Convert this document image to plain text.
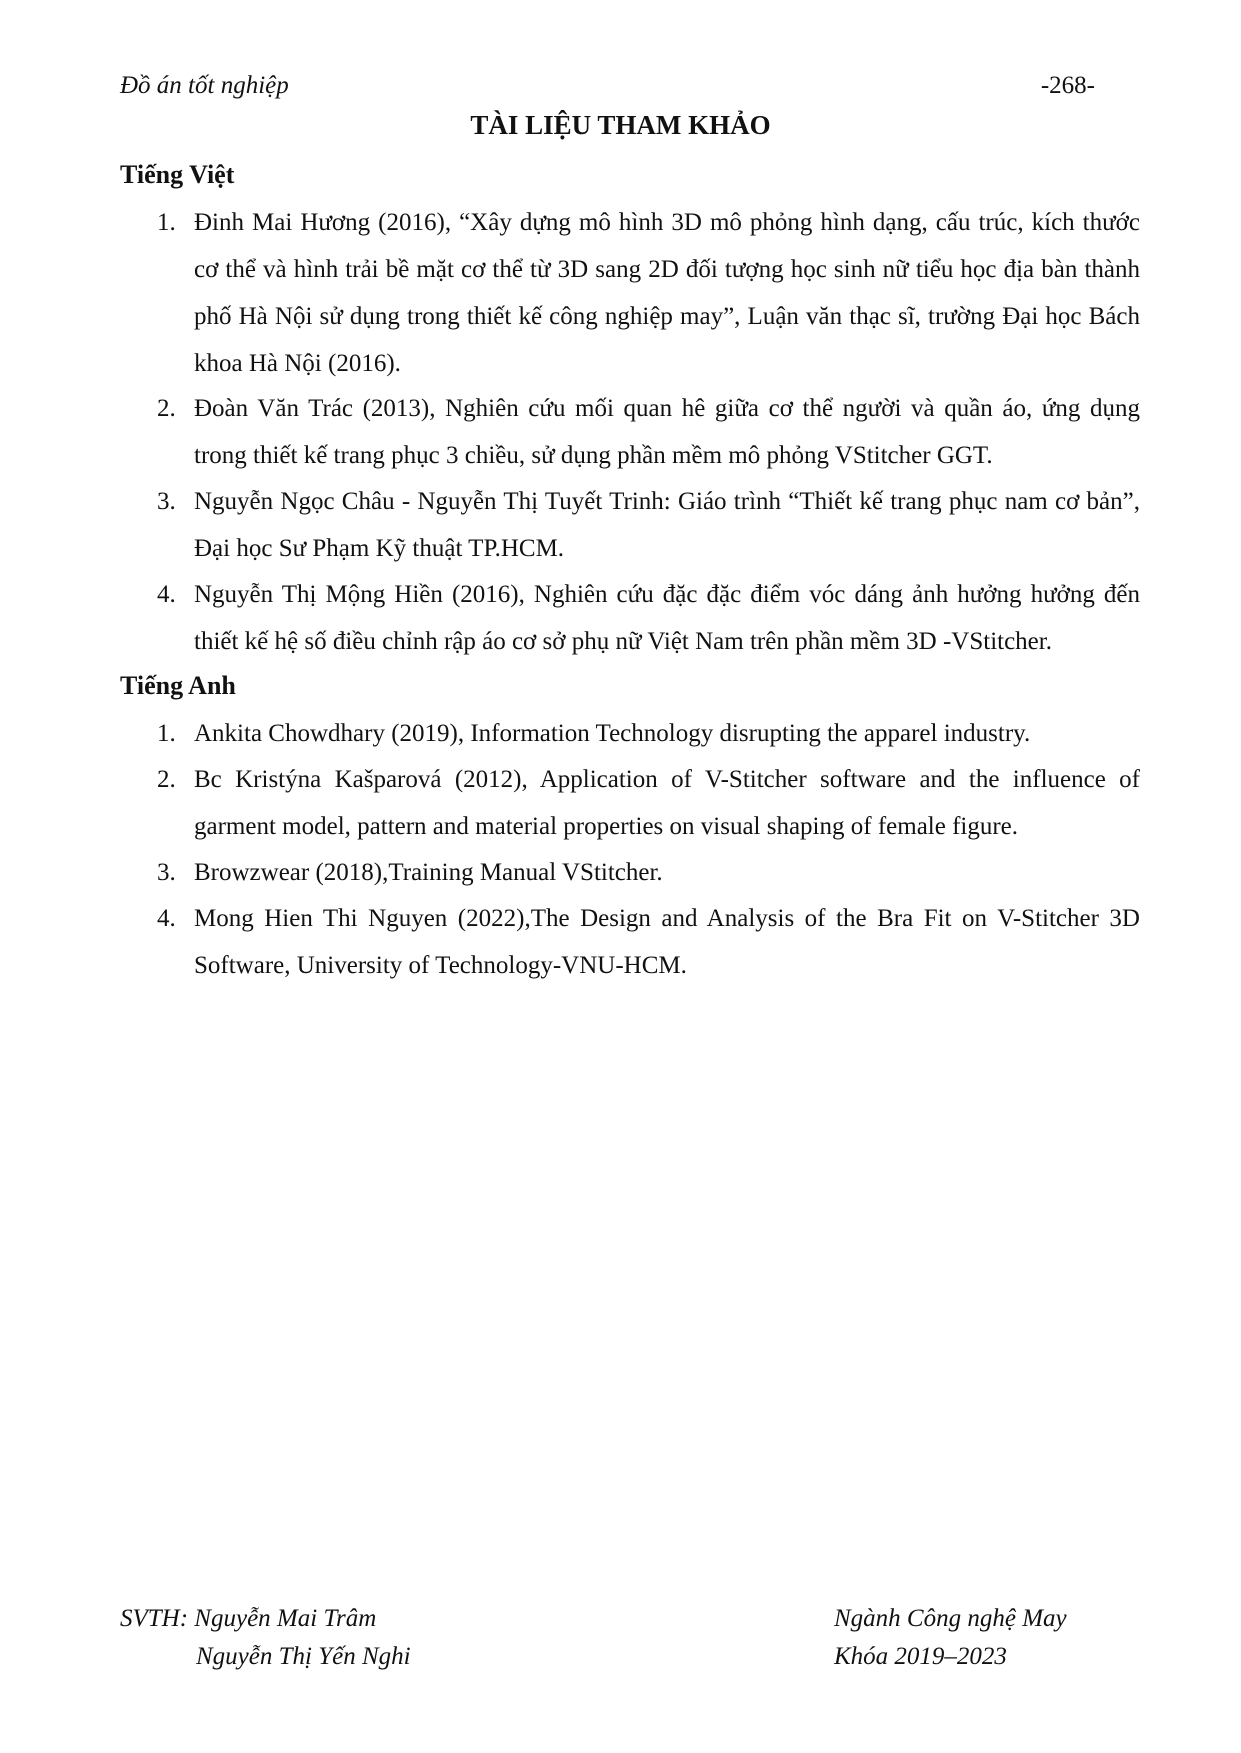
Đồ án tốt nghiệp	-268-
TÀI LIỆU THAM KHẢO
Tiếng Việt
1. Đinh Mai Hương (2016), “Xây dựng mô hình 3D mô phỏng hình dạng, cấu trúc, kích thước cơ thể và hình trải bề mặt cơ thể từ 3D sang 2D đối tượng học sinh nữ tiểu học địa bàn thành phố Hà Nội sử dụng trong thiết kế công nghiệp may”, Luận văn thạc sĩ, trường Đại học Bách khoa Hà Nội (2016).
2. Đoàn Văn Trác (2013), Nghiên cứu mối quan hê giữa cơ thể người và quần áo, ứng dụng trong thiết kế trang phục 3 chiều, sử dụng phần mềm mô phỏng VStitcher GGT.
3. Nguyễn Ngọc Châu - Nguyễn Thị Tuyết Trinh: Giáo trình “Thiết kế trang phục nam cơ bản”, Đại học Sư Phạm Kỹ thuật TP.HCM.
4. Nguyễn Thị Mộng Hiền (2016), Nghiên cứu đặc đặc điểm vóc dáng ảnh hưởng hưởng đến thiết kế hệ số điều chỉnh rập áo cơ sở phụ nữ Việt Nam trên phần mềm 3D -VStitcher.
Tiếng Anh
1. Ankita Chowdhary (2019), Information Technology disrupting the apparel industry.
2. Bc Kristýna Kašparová (2012), Application of V-Stitcher software and the influence of garment model, pattern and material properties on visual shaping of female figure.
3. Browzwear (2018),Training Manual VStitcher.
4. Mong Hien Thi Nguyen (2022),The Design and Analysis of the Bra Fit on V-Stitcher 3D Software, University of Technology-VNU-HCM.
SVTH: Nguyễn Mai Trâm
Nguyễn Thị Yến Nghi
Ngành Công nghệ May
Khóa 2019–2023
